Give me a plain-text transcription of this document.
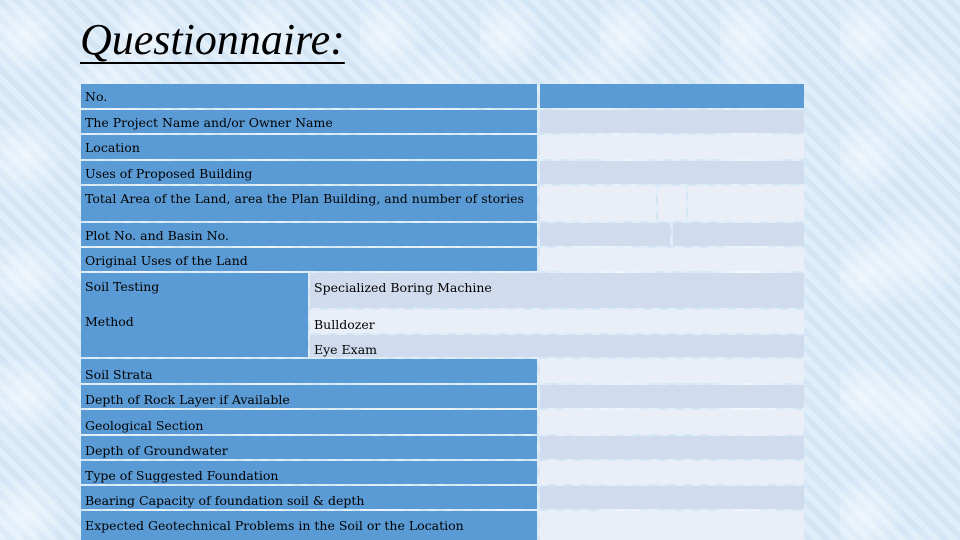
Questionnaire:
No.
The Project Name and/or Owner Name
Location
Uses of Proposed Building
Total Area of the Land, area the Plan Building, and number of stories
Plot No. and Basin No.
Original Uses of the Land
Soil Testing
Method
Specialized Boring Machine
Bulldozer
Eye Exam
Soil Strata
Depth of Rock Layer if Available
Geological Section
Depth of Groundwater
Type of Suggested Foundation
Bearing Capacity of foundation soil & depth
Expected Geotechnical Problems in the Soil or the Location
